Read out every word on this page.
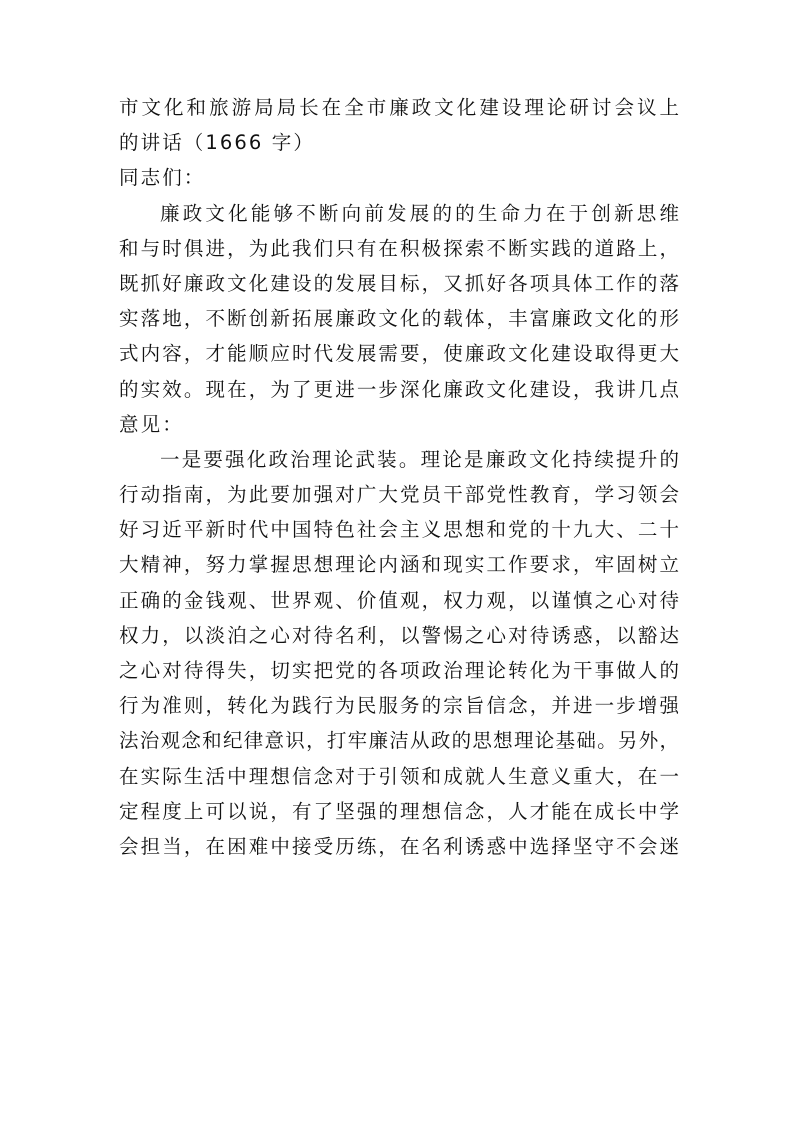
市文化和旅游局局长在全市廉政文化建设理论研讨会议上
的讲话（1666 字）
同志们：
廉政文化能够不断向前发展的的生命力在于创新思维
和与时俱进，为此我们只有在积极探索不断实践的道路上，
既抓好廉政文化建设的发展目标，又抓好各项具体工作的落
实落地，不断创新拓展廉政文化的载体，丰富廉政文化的形
式内容，才能顺应时代发展需要，使廉政文化建设取得更大
的实效。现在，为了更进一步深化廉政文化建设，我讲几点
意见：
一是要强化政治理论武装。理论是廉政文化持续提升的
行动指南，为此要加强对广大党员干部党性教育，学习领会
好习近平新时代中国特色社会主义思想和党的十九大、二十
大精神，努力掌握思想理论内涵和现实工作要求，牢固树立
正确的金钱观、世界观、价值观，权力观，以谨慎之心对待
权力，以淡泊之心对待名利，以警惕之心对待诱惑，以豁达
之心对待得失，切实把党的各项政治理论转化为干事做人的
行为准则，转化为践行为民服务的宗旨信念，并进一步增强
法治观念和纪律意识，打牢廉洁从政的思想理论基础。另外，
在实际生活中理想信念对于引领和成就人生意义重大，在一
定程度上可以说，有了坚强的理想信念，人才能在成长中学
会担当，在困难中接受历练，在名利诱惑中选择坚守不会迷
